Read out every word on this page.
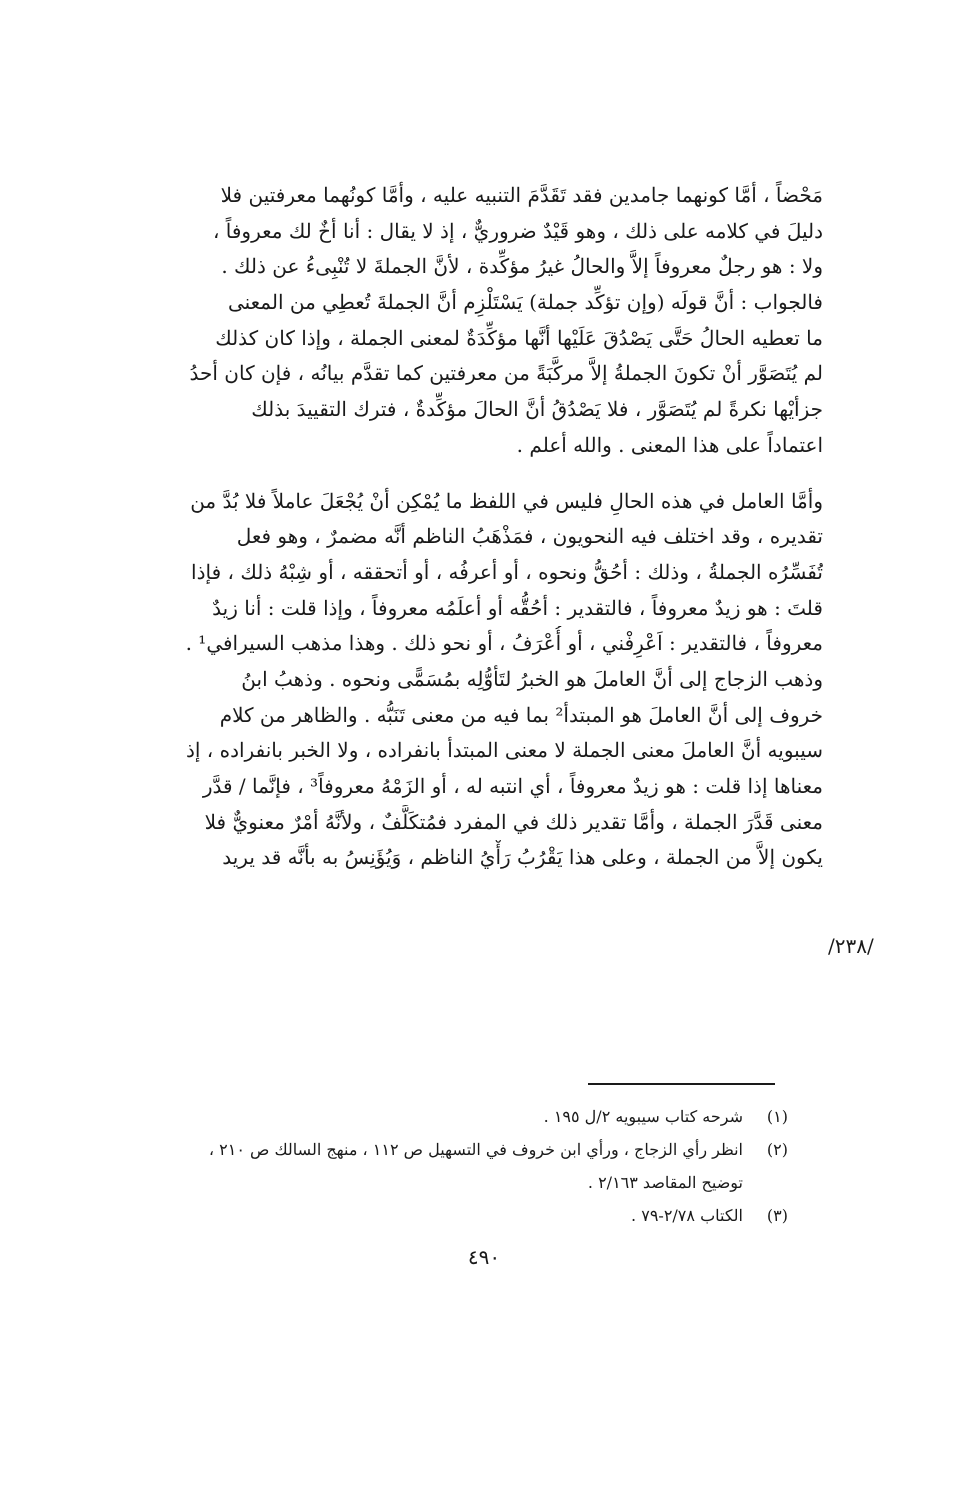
مَحْضاً ، أمَّا كونهما جامدين فقد تَقَدَّمَ التنبيه عليه ، وأمَّا كونُهما معرفتين فلا
دليلَ في كلامه على ذلك ، وهو قَيْدٌ ضروريٌّ ، إذ لا يقال : أنا أخٌ لك معروفاً ،
ولا : هو رجلٌ معروفاً إلاَّ والحالُ غيرُ مؤكِّدة ، لأنَّ الجملةَ لا تُنْبِىءُ عن ذلك .
فالجواب : أنَّ قولَه (وإن تؤكِّد جملة) يَسْتَلْزِم أنَّ الجملةَ تُعطِي من المعنى
ما تعطيه الحالُ حَتَّى يَصْدُقَ عَلَيْها أنَّها مؤكِّدَةٌ لمعنى الجملة ، وإذا كان كذلك
لم يُتَصَوَّر أنْ تكونَ الجملةُ إلاَّ مركَّبَةً من معرفتين كما تقدَّم بيانُه ، فإن كان أحدُ
جزأيْها نكرةً لم يُتَصَوَّر ، فلا يَصْدُقُ أنَّ الحالَ مؤكِّدةٌ ، فترك التقييدَ بذلك
اعتماداً على هذا المعنى . والله أعلم .
وأمَّا العامل في هذه الحالِ فليس في اللفظ ما يُمْكِن أنْ يُجْعَلَ عاملاً فلا بُدَّ من
تقديره ، وقد اختلف فيه النحويون ، فمَذْهَبُ الناظم أنَّه مضمرٌ ، وهو فعل
تُفَسِّرُه الجملةُ ، وذلك : أحُقُّ ونحوه ، أو أعرفُه ، أو أتحققه ، أو شِبْهُ ذلك ، فإذا
قلتَ : هو زيدٌ معروفاً ، فالتقدير : أحُقُّه أو أعلَمُه معروفاً ، وإذا قلت : أنا زيدٌ
معروفاً ، فالتقدير : اَعْرِفْني ، أو أُعْرَفُ ، أو نحو ذلك . وهذا مذهب السيرافي¹ .
وذهب الزجاج إلى أنَّ العاملَ هو الخبرُ لتَأوُّلِه بمُسَمًّى ونحوه . وذهبُ ابنُ
خروف إلى أنَّ العاملَ هو المبتدأ² بما فيه من معنى تَنَبُّه . والظاهر من كلام
سيبويه أنَّ العاملَ معنى الجملة لا معنى المبتدأ بانفراده ، ولا الخبر بانفراده ، إذ
معناها إذا قلت : هو زيدٌ معروفاً ، أي انتبه له ، أو الزَمْهُ معروفاً³ ، فإنَّما / قدَّر
معنى قَدَّرَ الجملة ، وأمَّا تقدير ذلك في المفرد فمُتكَلَّفٌ ، ولأنَّهُ أمْرٌ معنويٌّ فلا
يكون إلاَّ من الجملة ، وعلى هذا يَقْرُبُ رَأْيُ الناظم ، وَيُؤَنِسُ به بأنَّه قد يريد
/٢٣٨/
(١)
شرحه كتاب سيبويه ٢/ل ١٩٥ .
(٢)
انظر رأي الزجاج ، ورأي ابن خروف في التسهيل ص ١١٢ ، منهج السالك ص ٢١٠ ،
توضيح المقاصد ٢/١٦٣ .
(٣)
الكتاب ٢/٧٨-٧٩ .
٤٩٠
